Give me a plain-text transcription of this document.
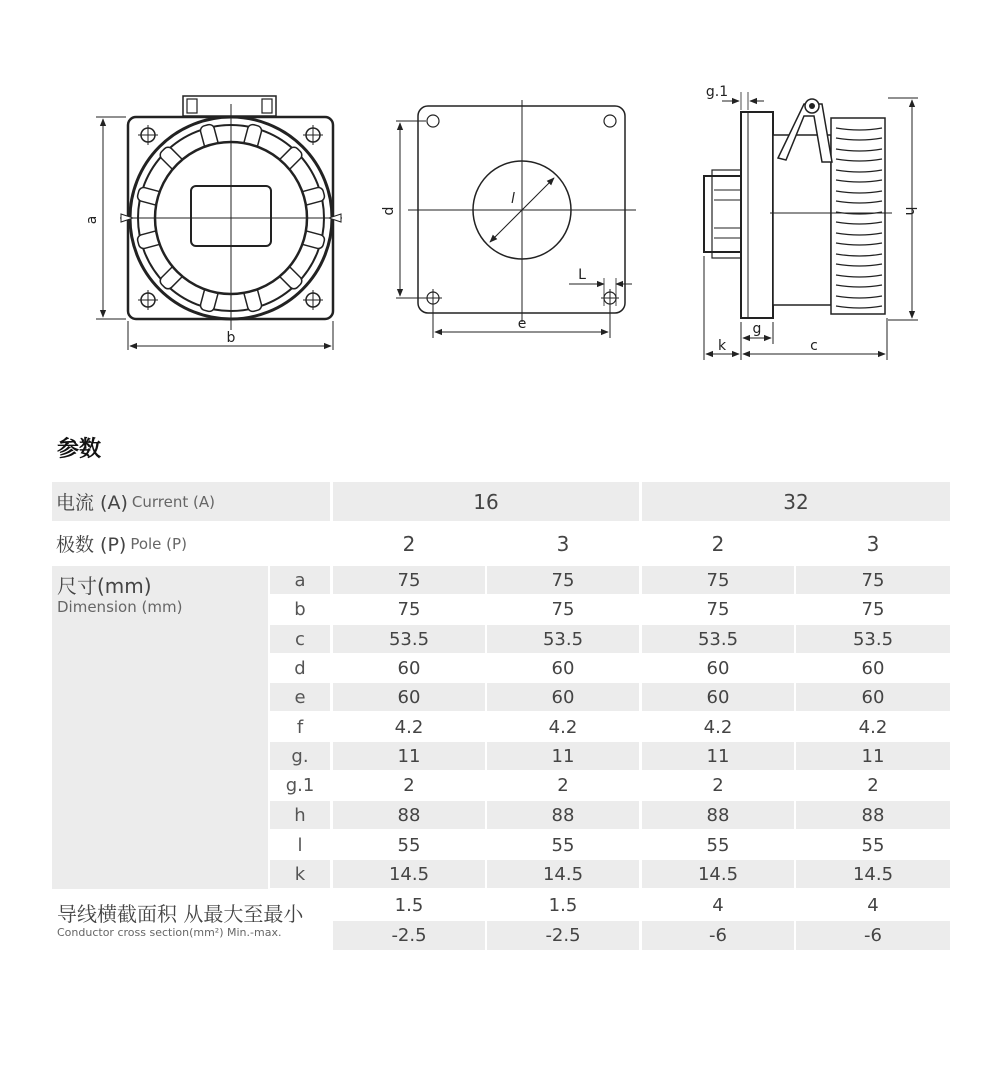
a
b
l
d
e
L
g.1
h
g
k	c
参数
电流 (A) Current (A)	16	32
极数 (P) Pole (P)	2	3	2	3
尺寸(mm)
Dimension (mm)
a	75	75	75	75
b	75	75	75	75
c	53.5	53.5	53.5	53.5
d	60	60	60	60
e	60	60	60	60
f	4.2	4.2	4.2	4.2
g.	11	11	11	11
g.1	2	2	2	2
h	88	88	88	88
l	55	55	55	55
k	14.5	14.5	14.5	14.5
导线横截面积 从最大至最小
Conductor cross section(mm²) Min.-max.
1.5	1.5	4	4
-2.5	-2.5	-6	-6
